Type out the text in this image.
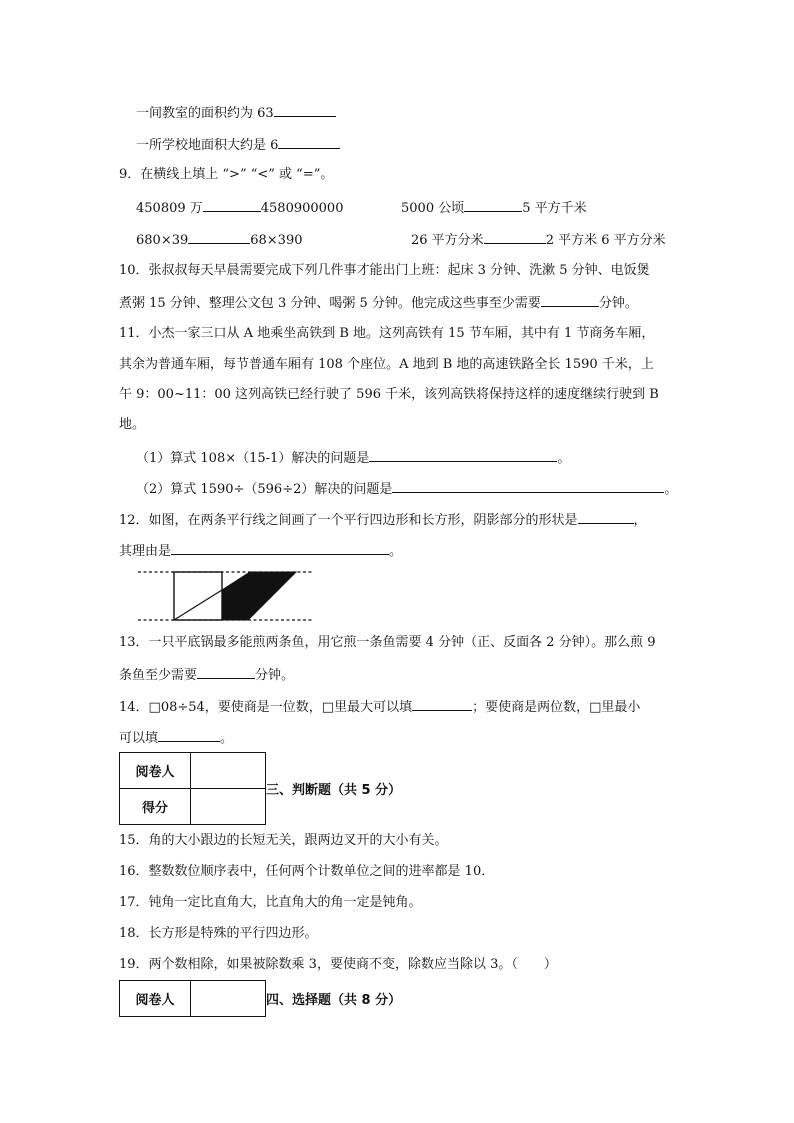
一间教室的面积约为 63
一所学校地面积大约是 6
9．在横线上填上 “>” “<” 或 “=”。
450809 万	4580900000	5000 公顷	5 平方千米
680×39	68×390	26 平方分米	2 平方米 6 平方分米
10．张叔叔每天早晨需要完成下列几件事才能出门上班：起床 3 分钟、洗漱 5 分钟、电饭煲
煮粥 15 分钟、整理公文包 3 分钟、喝粥 5 分钟。他完成这些事至少需要	分钟。
11．小杰一家三口从 A 地乘坐高铁到 B 地。这列高铁有 15 节车厢，其中有 1 节商务车厢，
其余为普通车厢，每节普通车厢有 108 个座位。A 地到 B 地的高速铁路全长 1590 千米，上
午 9：00~11：00 这列高铁已经行驶了 596 千米，该列高铁将保持这样的速度继续行驶到 B
地。
（1）算式 108×（15-1）解决的问题是	。
（2）算式 1590÷（596÷2）解决的问题是	。
12．如图，在两条平行线之间画了一个平行四边形和长方形，阴影部分的形状是	，
其理由是	。
13．一只平底锅最多能煎两条鱼，用它煎一条鱼需要 4 分钟（正、反面各 2 分钟）。那么煎 9
条鱼至少需要	分钟。
14．□08÷54，要使商是一位数，□里最大可以填	；要使商是两位数，□里最小
可以填	。
阅卷人	
得分	
三、判断题（共 5 分）
15．角的大小跟边的长短无关，跟两边叉开的大小有关。
16．整数数位顺序表中，任何两个计数单位之间的进率都是 10．
17．钝角一定比直角大，比直角大的角一定是钝角。
18．长方形是特殊的平行四边形。
19．两个数相除，如果被除数乘 3，要使商不变，除数应当除以 3。（　　）
阅卷人		四、选择题（共 8 分）
